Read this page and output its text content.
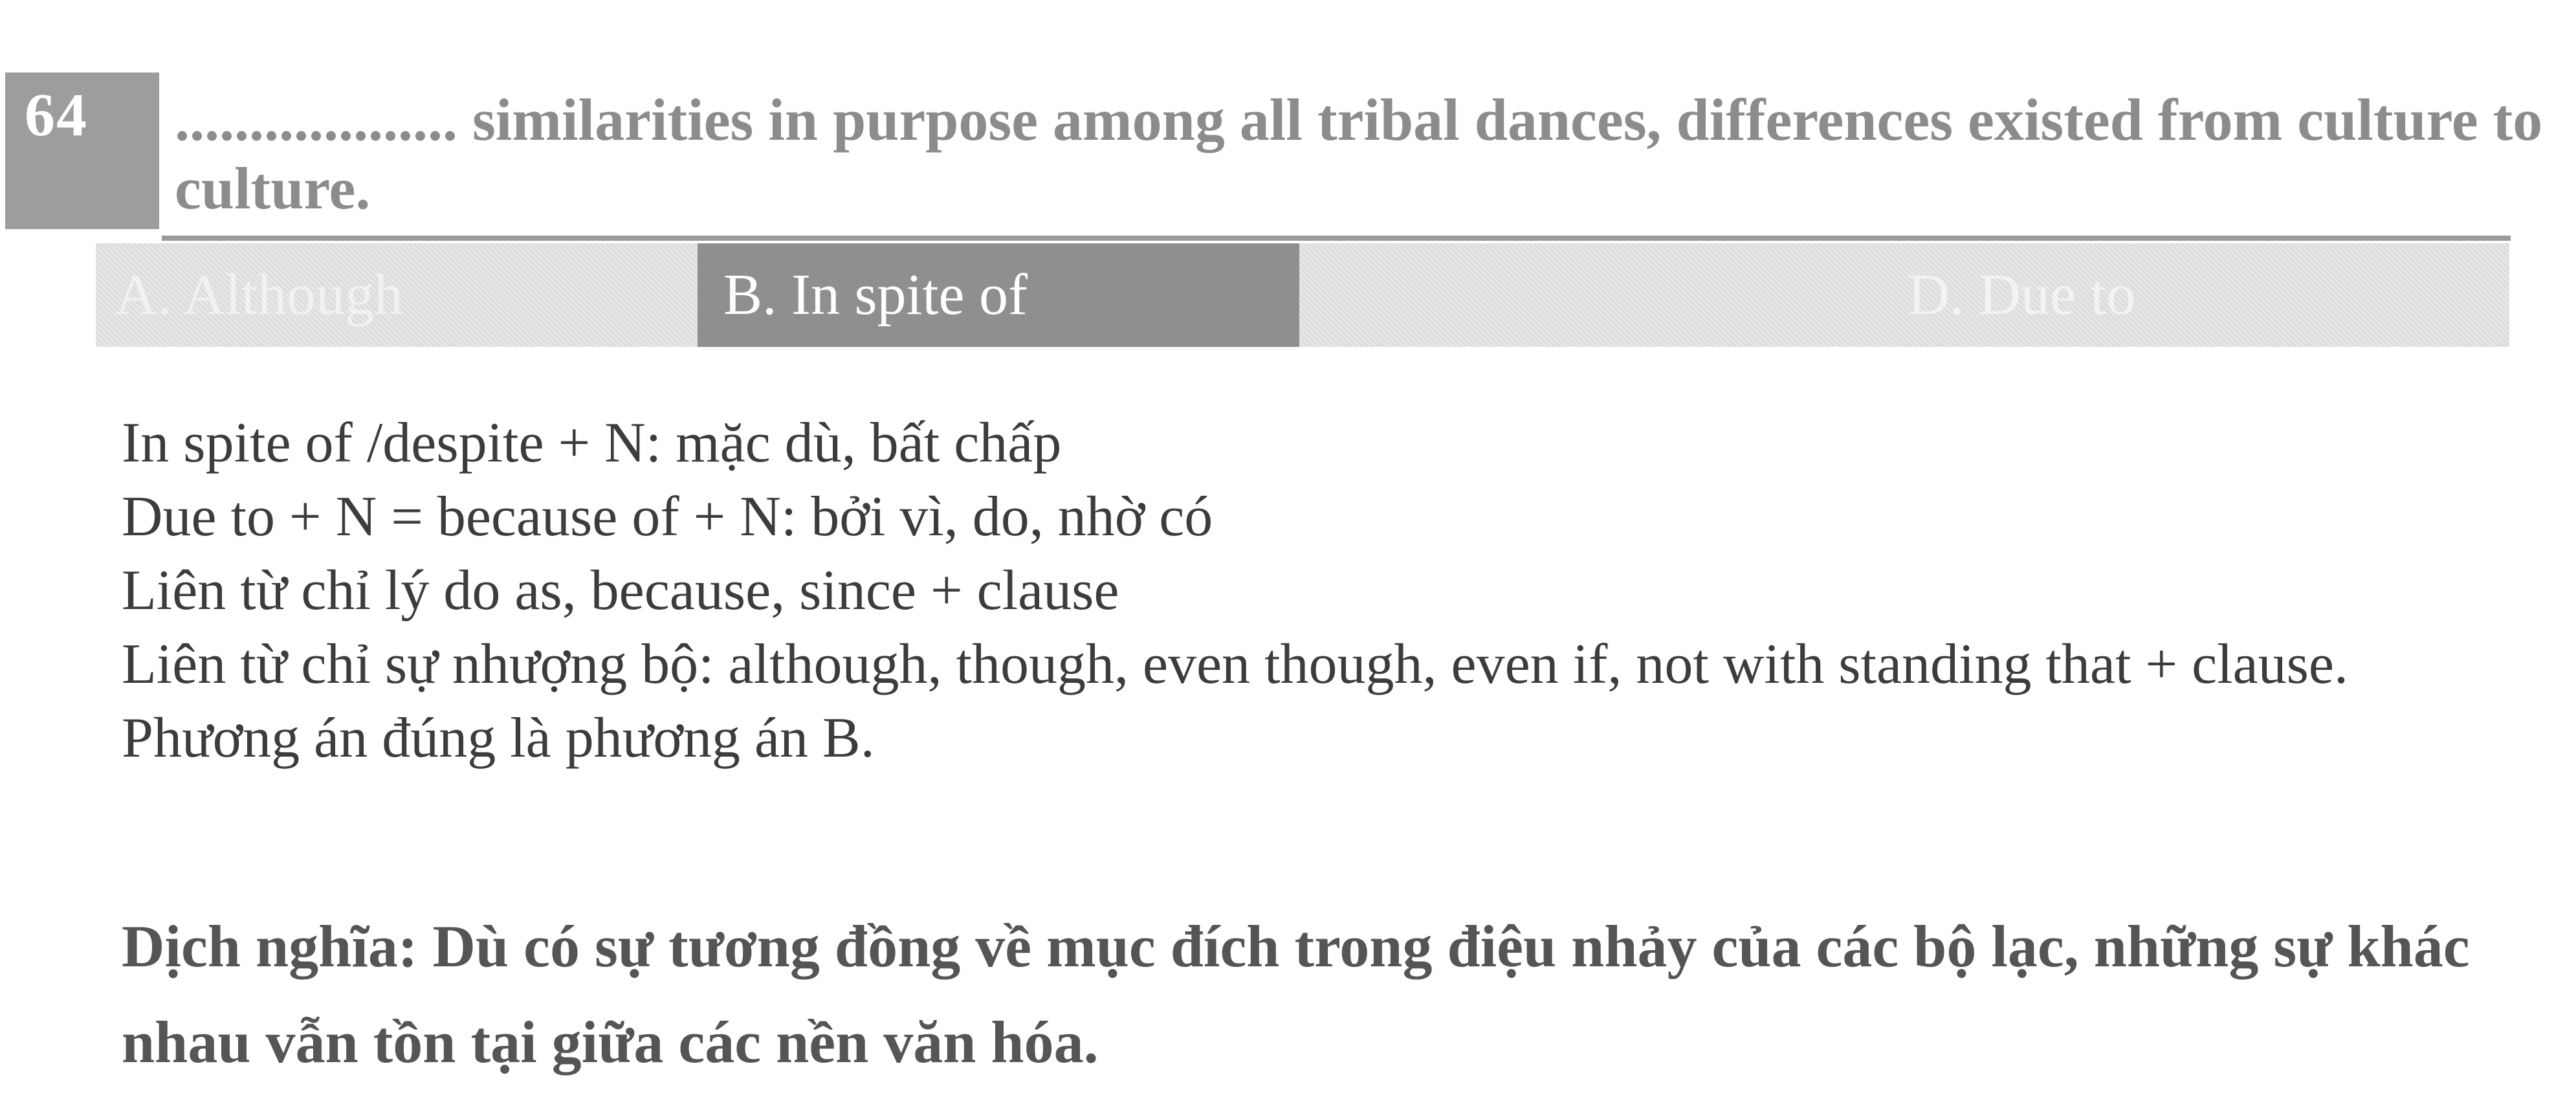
64 ................... similarities in purpose among all tribal dances, differences existed from culture to culture.
A. Although	B. In spite of	D. Due to
In spite of /despite + N: mặc dù, bất chấp
Due to + N = because of + N: bởi vì, do, nhờ có
Liên từ chỉ lý do as, because, since + clause
Liên từ chỉ sự nhượng bộ: although, though, even though, even if, not with standing that + clause.
Phương án đúng là phương án B.
Dịch nghĩa: Dù có sự tương đồng về mục đích trong điệu nhảy của các bộ lạc, những sự khác nhau vẫn tồn tại giữa các nền văn hóa.
